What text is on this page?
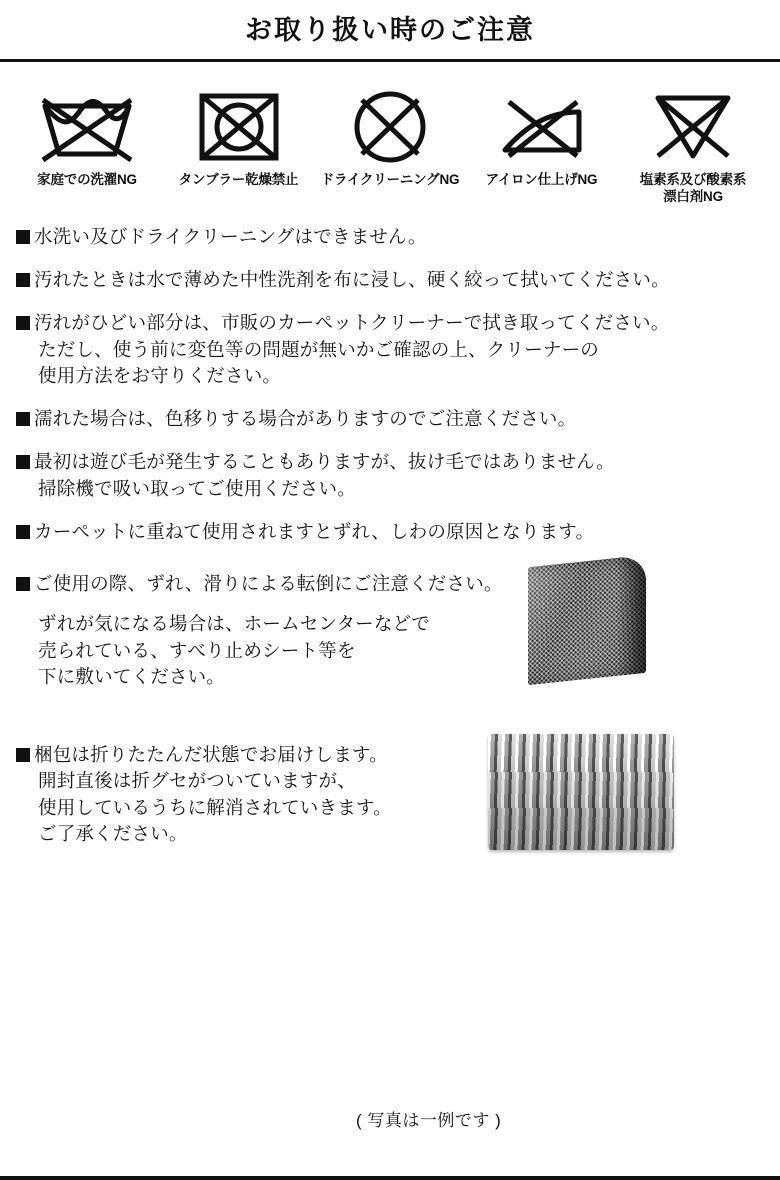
お取り扱い時のご注意
家庭での洗濯NG	タンブラー乾燥禁止 ドライクリーニングNG アイロン仕上げNG	塩素系及び酸素系
漂白剤NG
水洗い及びドライクリーニングはできません。
汚れたときは水で薄めた中性洗剤を布に浸し、硬く絞って拭いてください。
汚れがひどい部分は、市販のカーペットクリーナーで拭き取ってください。
ただし、使う前に変色等の問題が無いかご確認の上、クリーナーの
使用方法をお守りください。
濡れた場合は、色移りする場合がありますのでご注意ください。
最初は遊び毛が発生することもありますが、抜け毛ではありません。
掃除機で吸い取ってご使用ください。
カーペットに重ねて使用されますとずれ、しわの原因となります。
ご使用の際、ずれ、滑りによる転倒にご注意ください。
ずれが気になる場合は、ホームセンターなどで
売られている、すべり止めシート等を
下に敷いてください。
梱包は折りたたんだ状態でお届けします。
開封直後は折グセがついていますが、
使用しているうちに解消されていきます。
ご了承ください。
( 写真は一例です )
